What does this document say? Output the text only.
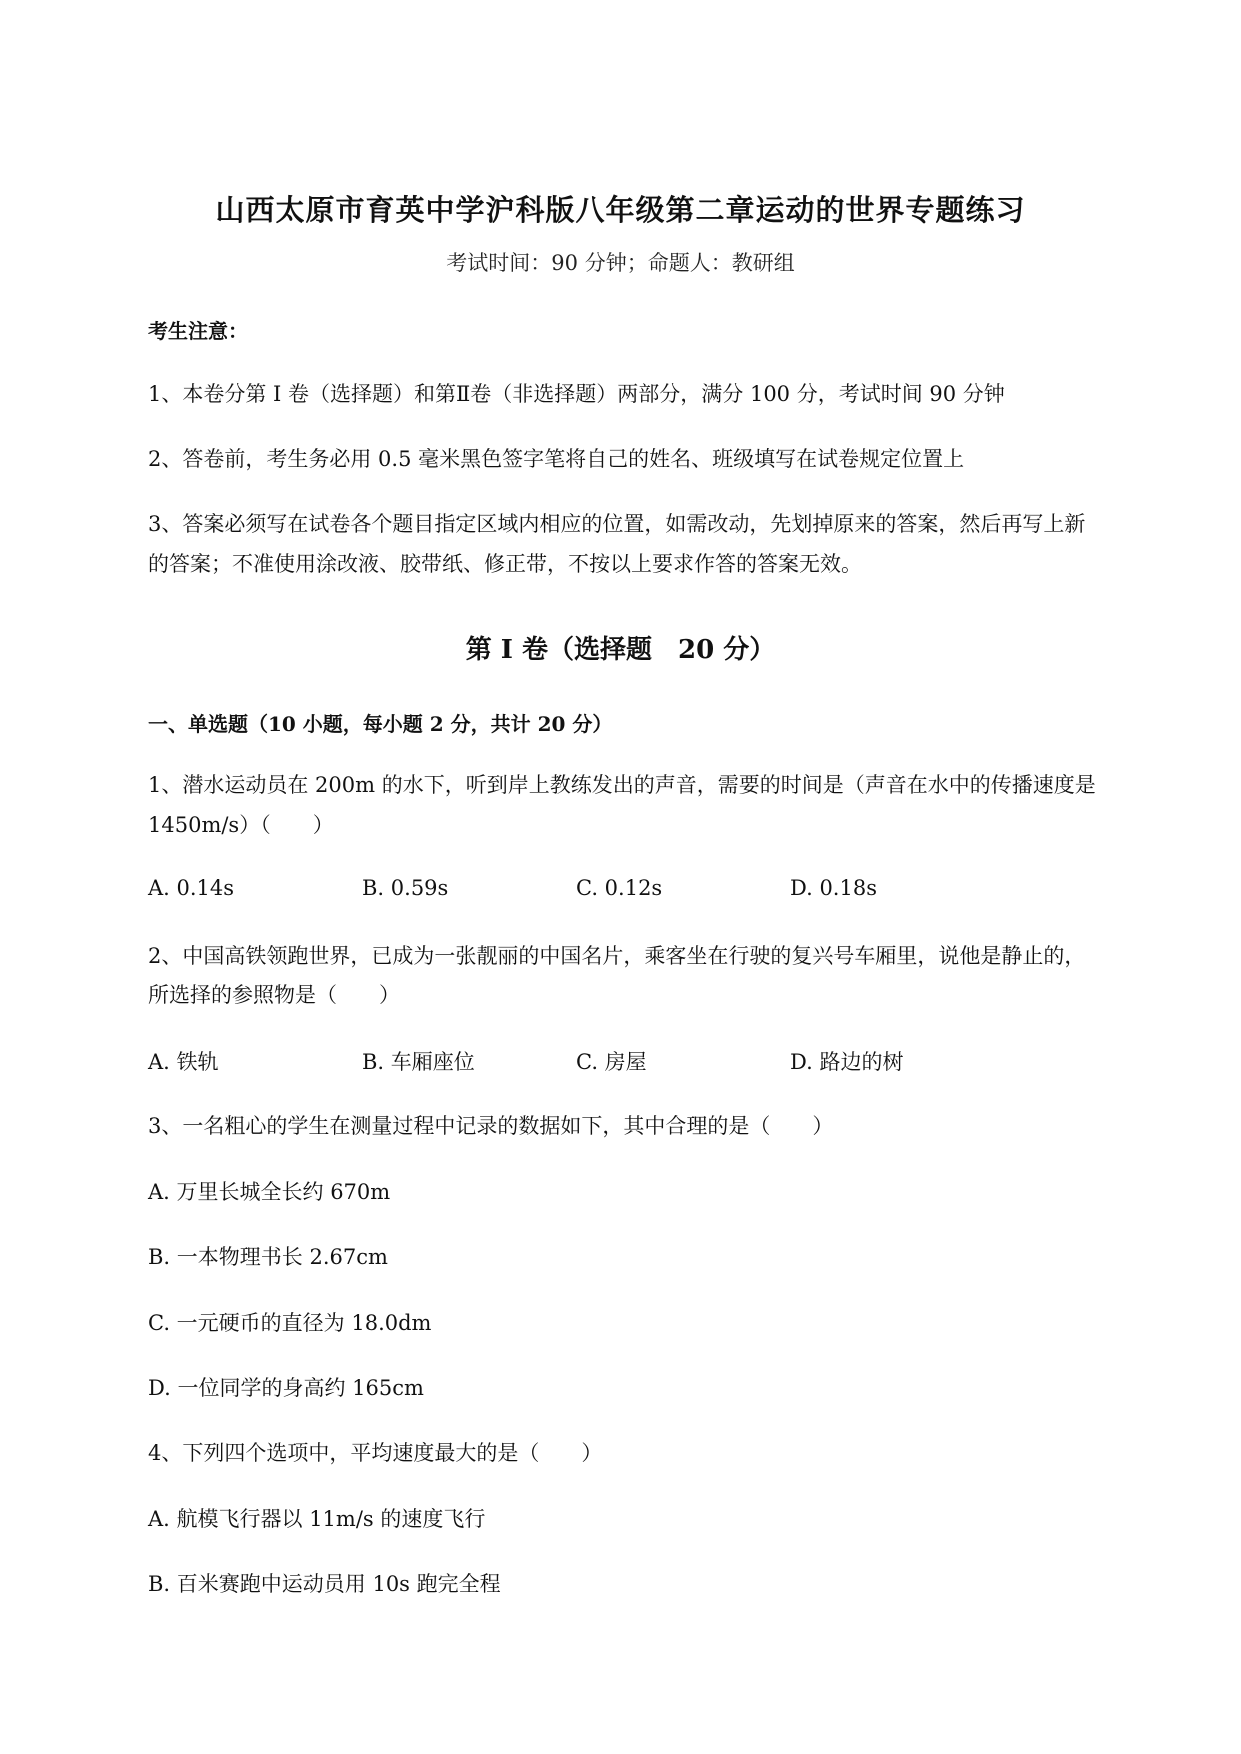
山西太原市育英中学沪科版八年级第二章运动的世界专题练习
考试时间：90 分钟；命题人：教研组
考生注意：
1、本卷分第 I 卷（选择题）和第Ⅱ卷（非选择题）两部分，满分 100 分，考试时间 90 分钟
2、答卷前，考生务必用 0.5 毫米黑色签字笔将自己的姓名、班级填写在试卷规定位置上
3、答案必须写在试卷各个题目指定区域内相应的位置，如需改动，先划掉原来的答案，然后再写上新
的答案；不准使用涂改液、胶带纸、修正带，不按以上要求作答的答案无效。
第 I 卷（选择题　20 分）
一、单选题（10 小题，每小题 2 分，共计 20 分）
1、潜水运动员在 200m 的水下，听到岸上教练发出的声音，需要的时间是（声音在水中的传播速度是
1450m/s）（　　）
A. 0.14s	B. 0.59s	C. 0.12s	D. 0.18s
2、中国高铁领跑世界，已成为一张靓丽的中国名片，乘客坐在行驶的复兴号车厢里，说他是静止的，
所选择的参照物是（　　）
A. 铁轨	B. 车厢座位	C. 房屋	D. 路边的树
3、一名粗心的学生在测量过程中记录的数据如下，其中合理的是（　　）
A. 万里长城全长约 670m
B. 一本物理书长 2.67cm
C. 一元硬币的直径为 18.0dm
D. 一位同学的身高约 165cm
4、下列四个选项中，平均速度最大的是（　　）
A. 航模飞行器以 11m/s 的速度飞行
B. 百米赛跑中运动员用 10s 跑完全程
